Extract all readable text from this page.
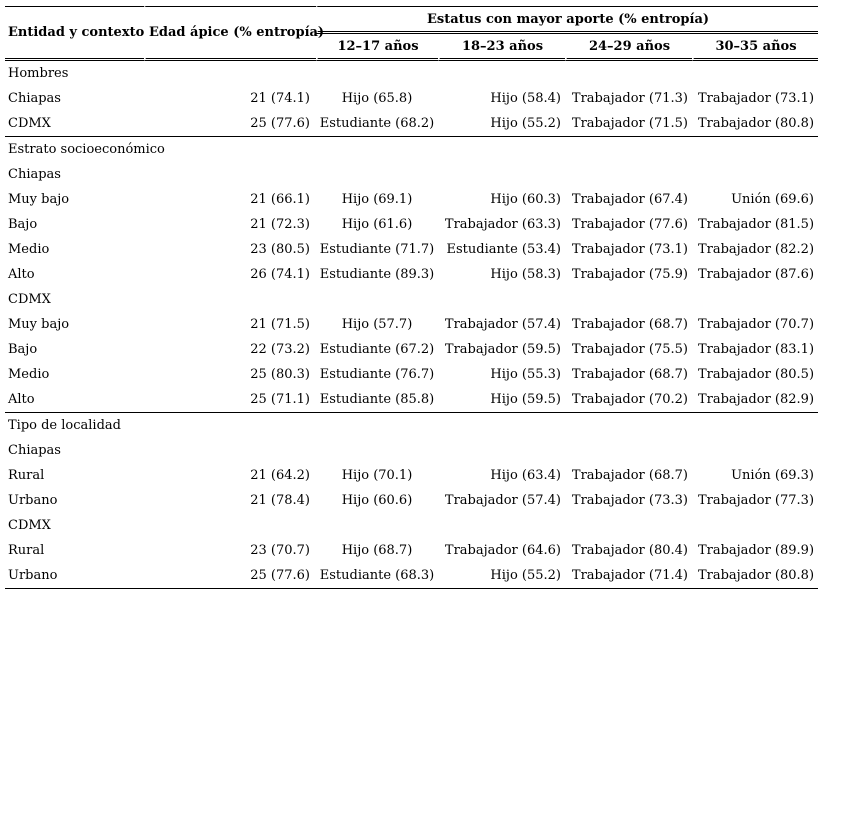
Entidad y contexto	Edad ápice (% entropía)	Estatus con mayor aporte (% entropía)			
		12–17 años	18–23 años	24–29 años	30–35 años
Hombres					
Chiapas	21 (74.1)	Hijo (65.8)	Hijo (58.4)	Trabajador (71.3)	Trabajador (73.1)
CDMX	25 (77.6)	Estudiante (68.2)	Hijo (55.2)	Trabajador (71.5)	Trabajador (80.8)
Estrato socioeconómico					
Chiapas					
Muy bajo	21 (66.1)	Hijo (69.1)	Hijo (60.3)	Trabajador (67.4)	Unión (69.6)
Bajo	21 (72.3)	Hijo (61.6)	Trabajador (63.3)	Trabajador (77.6)	Trabajador (81.5)
Medio	23 (80.5)	Estudiante (71.7)	Estudiante (53.4)	Trabajador (73.1)	Trabajador (82.2)
Alto	26 (74.1)	Estudiante (89.3)	Hijo (58.3)	Trabajador (75.9)	Trabajador (87.6)
CDMX					
Muy bajo	21 (71.5)	Hijo (57.7)	Trabajador (57.4)	Trabajador (68.7)	Trabajador (70.7)
Bajo	22 (73.2)	Estudiante (67.2)	Trabajador (59.5)	Trabajador (75.5)	Trabajador (83.1)
Medio	25 (80.3)	Estudiante (76.7)	Hijo (55.3)	Trabajador (68.7)	Trabajador (80.5)
Alto	25 (71.1)	Estudiante (85.8)	Hijo (59.5)	Trabajador (70.2)	Trabajador (82.9)
Tipo de localidad					
Chiapas					
Rural	21 (64.2)	Hijo (70.1)	Hijo (63.4)	Trabajador (68.7)	Unión (69.3)
Urbano	21 (78.4)	Hijo (60.6)	Trabajador (57.4)	Trabajador (73.3)	Trabajador (77.3)
CDMX					
Rural	23 (70.7)	Hijo (68.7)	Trabajador (64.6)	Trabajador (80.4)	Trabajador (89.9)
Urbano	25 (77.6)	Estudiante (68.3)	Hijo (55.2)	Trabajador (71.4)	Trabajador (80.8)
